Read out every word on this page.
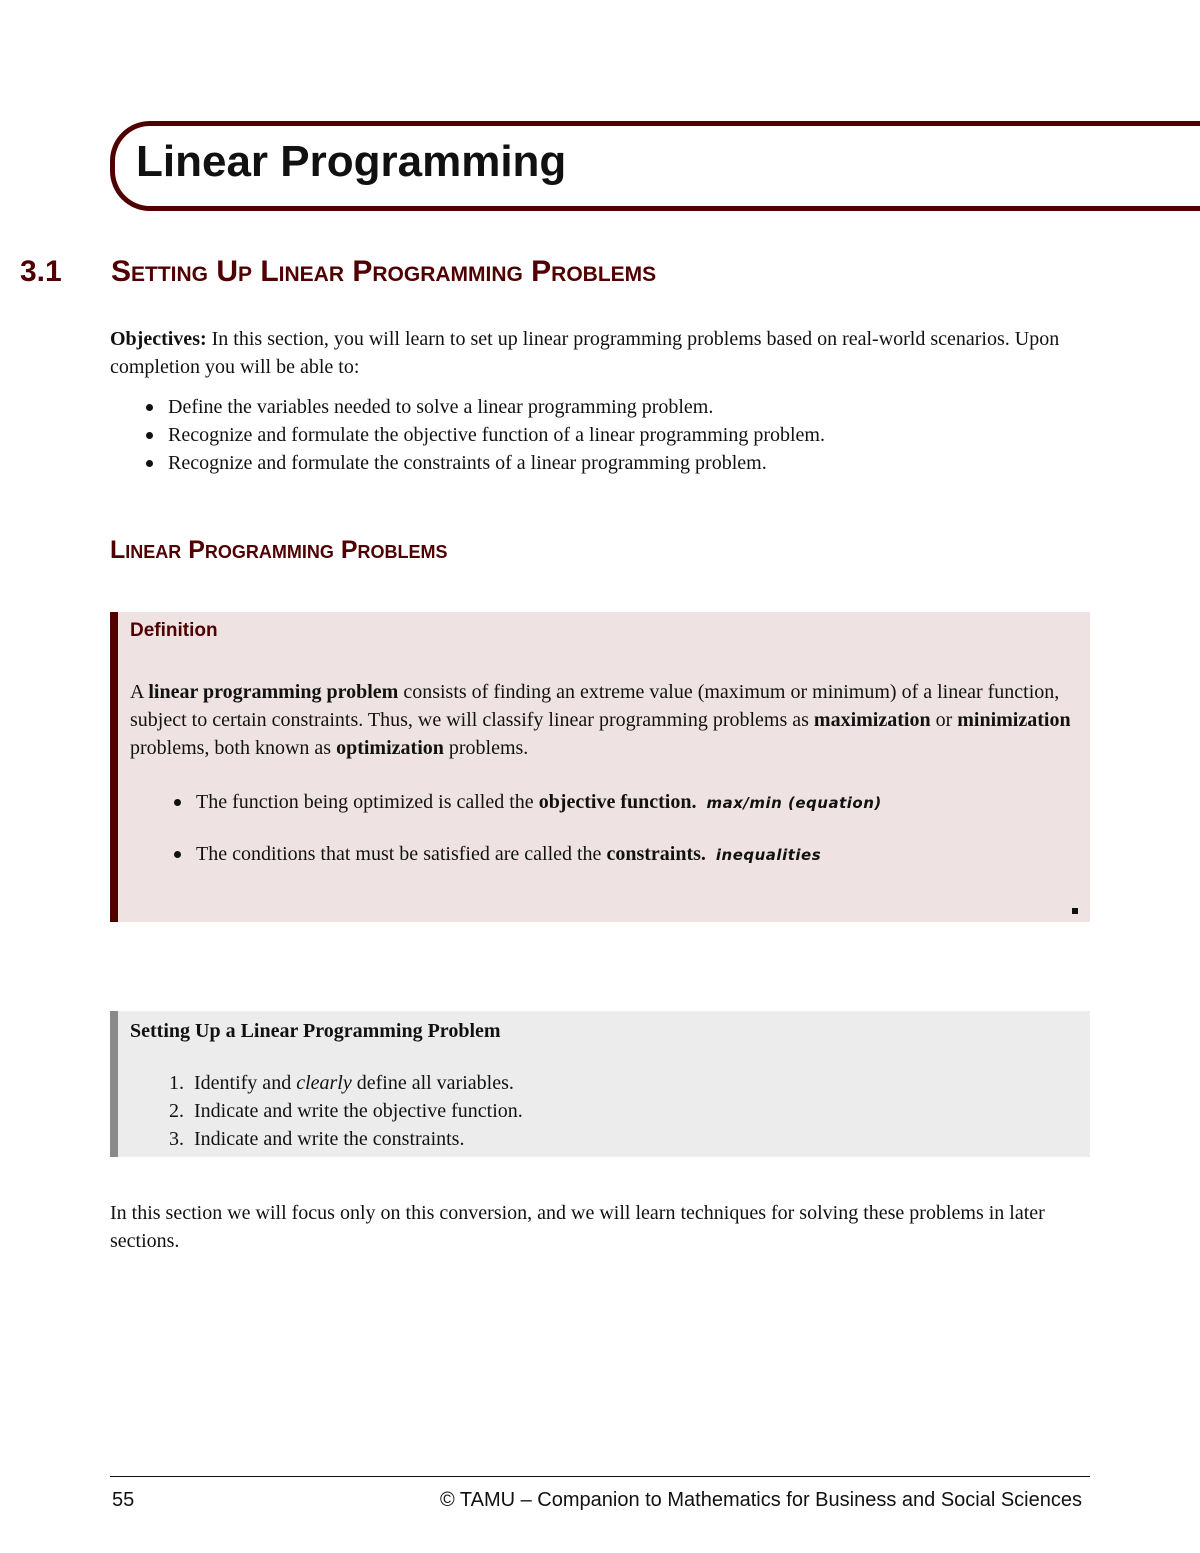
Linear Programming
3.1 Setting Up Linear Programming Problems

Objectives: In this section, you will learn to set up linear programming problems based on real-world scenarios. Upon completion you will be able to:

Define the variables needed to solve a linear programming problem.
Recognize and formulate the objective function of a linear programming problem.
Recognize and formulate the constraints of a linear programming problem.
Linear Programming Problems
Definition

A linear programming problem consists of finding an extreme value (maximum or minimum) of a linear function, subject to certain constraints. Thus, we will classify linear programming problems as maximization or minimization problems, both known as optimization problems.

The function being optimized is called the objective function. max/min (equation)
The conditions that must be satisfied are called the constraints. inequalities

Setting Up a Linear Programming Problem

1. Identify and clearly define all variables.
2. Indicate and write the objective function.
3. Indicate and write the constraints.

In this section we will focus only on this conversion, and we will learn techniques for solving these problems in later sections.

55	© TAMU – Companion to Mathematics for Business and Social Sciences
